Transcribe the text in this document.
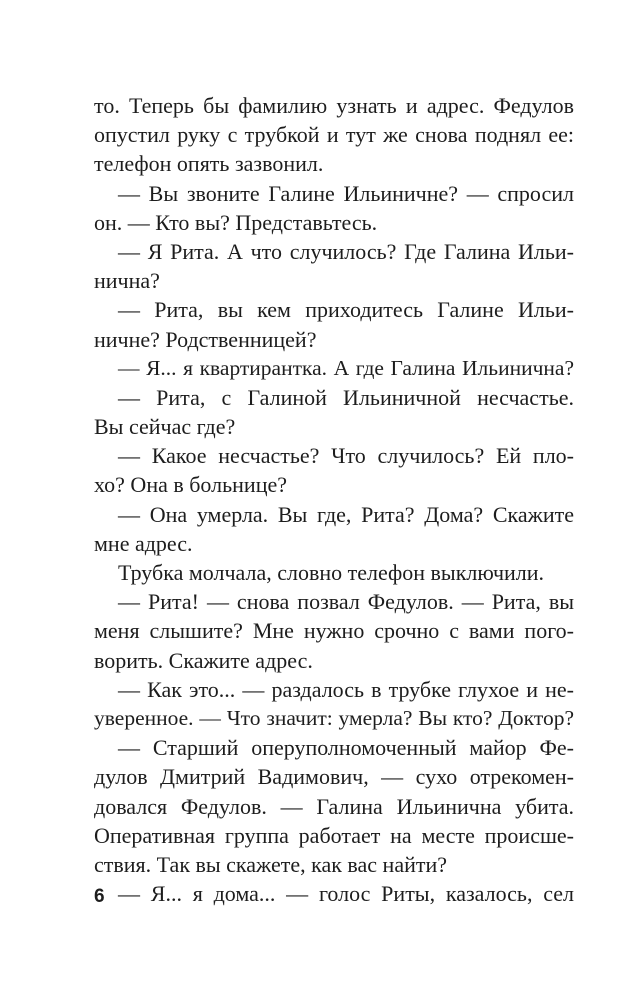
то. Теперь бы фамилию узнать и адрес. Федулов
опустил руку с трубкой и тут же снова поднял ее:
телефон опять зазвонил.
— Вы звоните Галине Ильиничне? — спросил
он. — Кто вы? Представьтесь.
— Я Рита. А что случилось? Где Галина Ильи-
нична?
— Рита, вы кем приходитесь Галине Ильи-
ничне? Родственницей?
— Я... я квартирантка. А где Галина Ильинична?
— Рита, с Галиной Ильиничной несчастье.
Вы сейчас где?
— Какое несчастье? Что случилось? Ей пло-
хо? Она в больнице?
— Она умерла. Вы где, Рита? Дома? Скажите
мне адрес.
Трубка молчала, словно телефон выключили.
— Рита! — снова позвал Федулов. — Рита, вы
меня слышите? Мне нужно срочно с вами пого-
ворить. Скажите адрес.
— Как это... — раздалось в трубке глухое и не-
уверенное. — Что значит: умерла? Вы кто? Доктор?
— Старший оперуполномоченный майор Фе-
дулов Дмитрий Вадимович, — сухо отрекомен-
довался Федулов. — Галина Ильинична убита.
Оперативная группа работает на месте происше-
ствия. Так вы скажете, как вас найти?
— Я... я дома... — голос Риты, казалось, сел
6
